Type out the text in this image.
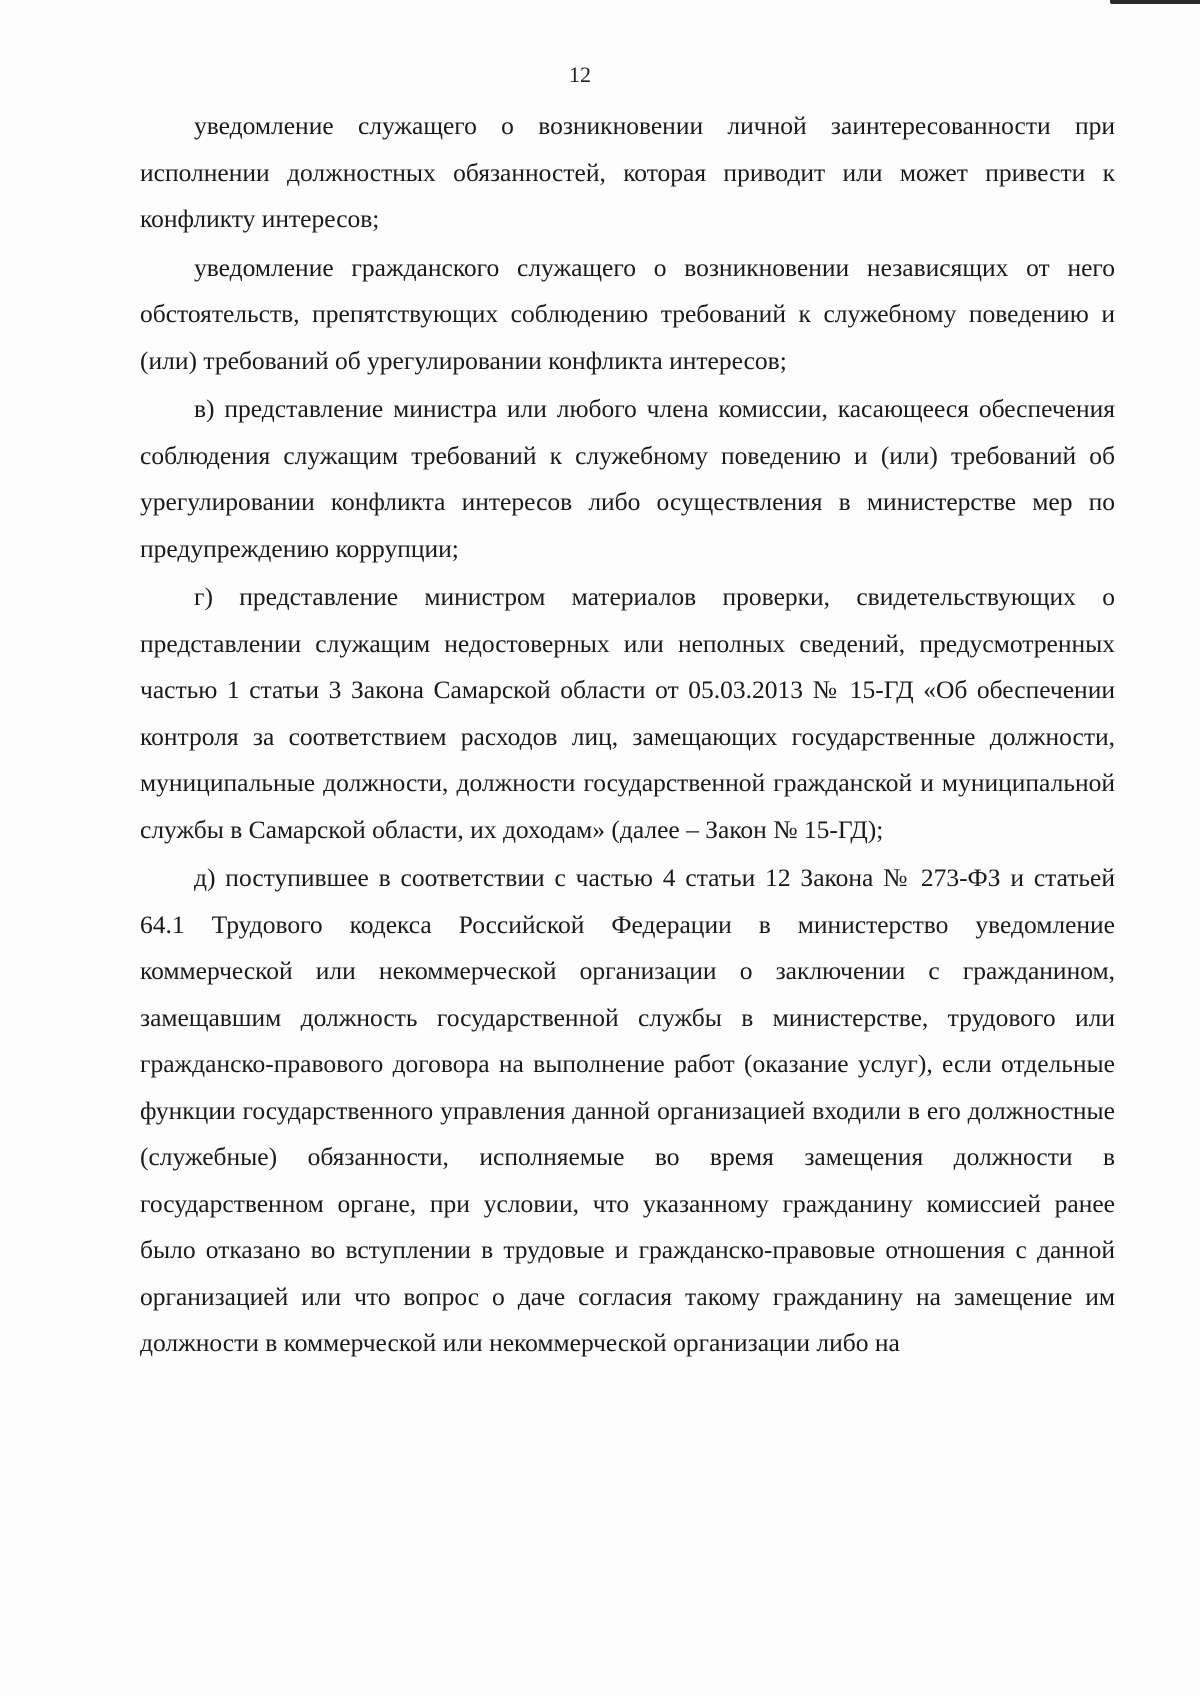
12

уведомление служащего о возникновении личной заинтересованности при исполнении должностных обязанностей, которая приводит или может привести к конфликту интересов;

уведомление гражданского служащего о возникновении независящих от него обстоятельств, препятствующих соблюдению требований к служебному поведению и (или) требований об урегулировании конфликта интересов;

в) представление министра или любого члена комиссии, касающееся обеспечения соблюдения служащим требований к служебному поведению и (или) требований об урегулировании конфликта интересов либо осуществления в министерстве мер по предупреждению коррупции;

г) представление министром материалов проверки, свидетельствующих о представлении служащим недостоверных или неполных сведений, предусмотренных частью 1 статьи 3 Закона Самарской области от 05.03.2013 № 15-ГД «Об обеспечении контроля за соответствием расходов лиц, замещающих государственные должности, муниципальные должности, должности государственной гражданской и муниципальной службы в Самарской области, их доходам» (далее – Закон № 15-ГД);

д) поступившее в соответствии с частью 4 статьи 12 Закона № 273-ФЗ и статьей 64.1 Трудового кодекса Российской Федерации в министерство уведомление коммерческой или некоммерческой организации о заключении с гражданином, замещавшим должность государственной службы в министерстве, трудового или гражданско-правового договора на выполнение работ (оказание услуг), если отдельные функции государственного управления данной организацией входили в его должностные (служебные) обязанности, исполняемые во время замещения должности в государственном органе, при условии, что указанному гражданину комиссией ранее было отказано во вступлении в трудовые и гражданско-правовые отношения с данной организацией или что вопрос о даче согласия такому гражданину на замещение им должности в коммерческой или некоммерческой организации либо на
